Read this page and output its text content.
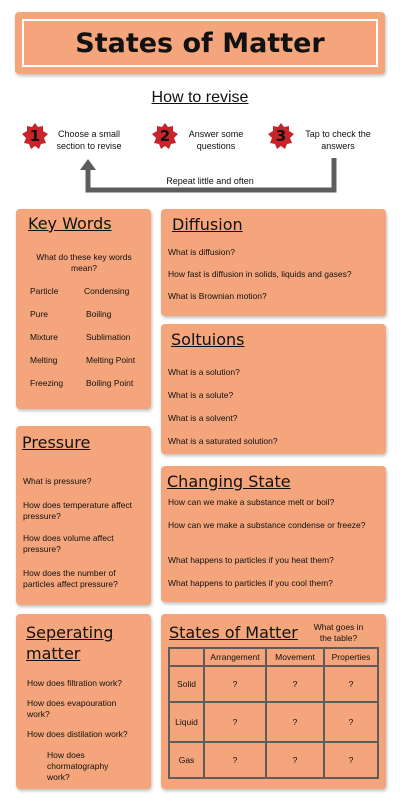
States of Matter
How to revise
1	Choose a small section to revise
2	Answer some questions
3	Tap to check the answers
Repeat little and often
Key Words
What do these key words mean?
Particle	Condensing
Pure	Boiling
Mixture	Sublimation
Melting	Melting Point
Freezing	Boiling Point
Diffusion
What is diffusion?
How fast is diffusion in solids, liquids and gases?
What is Brownian motion?
Soltuions
What is a solution?
What is a solute?
What is a solvent?
What is a saturated solution?
Pressure
What is pressure?
How does temperature affect pressure?
How does volume affect pressure?
How does the number of particles affect pressure?
Changing State
How can we make a substance melt or boil?
How can we make a substance condense or freeze?
What happens to particles if you heat them?
What happens to particles if you cool them?
Seperating
matter
How does filtration work?
How does evapouration work?
How does distilation work?
How does chormatography work?
States of Matter	What goes in the table?
	Arrangement	Movement	Properties
Solid	?	?	?
Liquid	?	?	?
Gas	?	?	?
